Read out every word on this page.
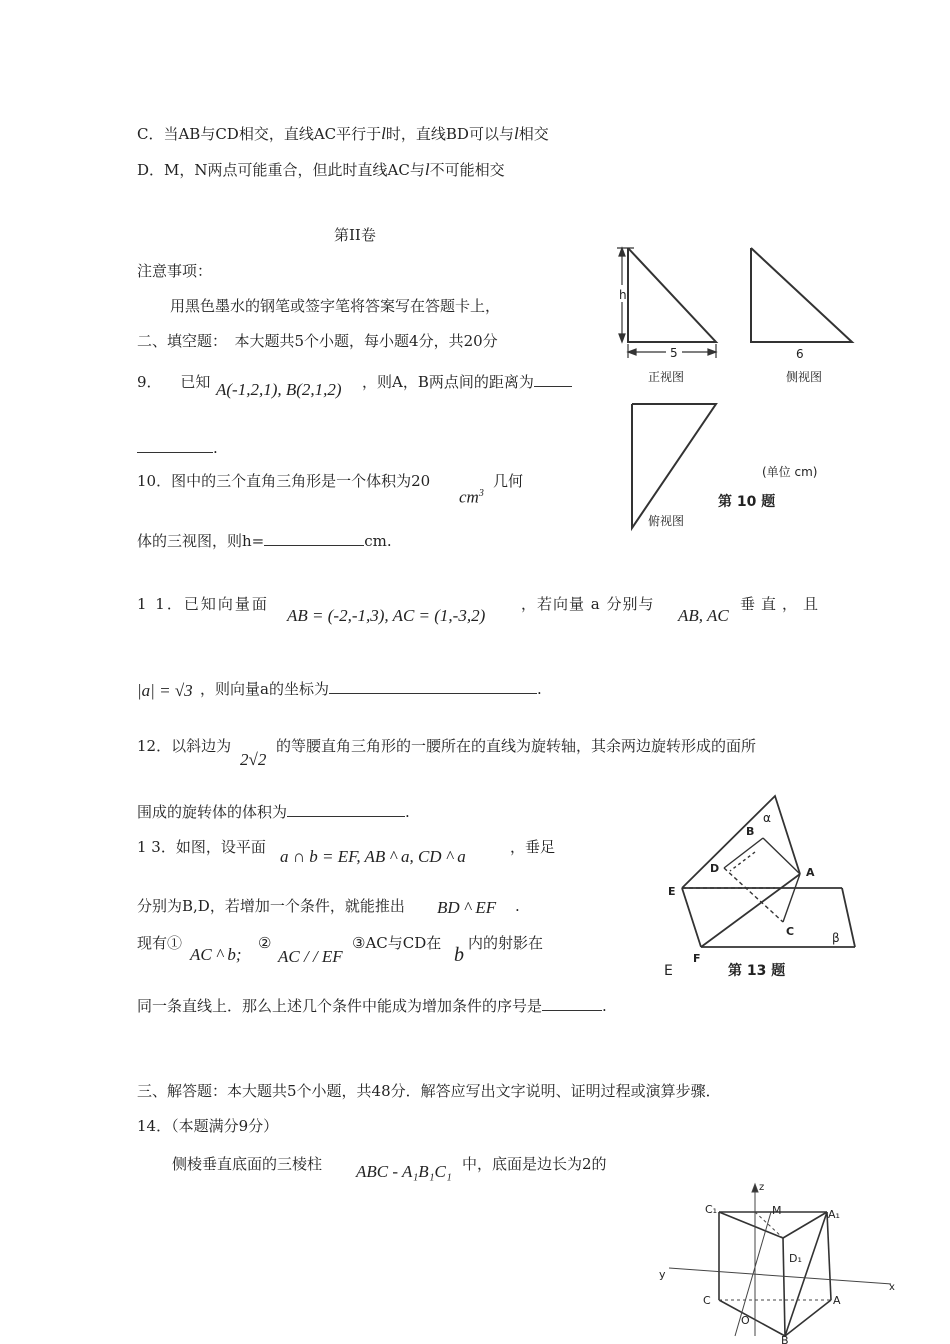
C．当AB与CD相交，直线AC平行于l时，直线BD可以与l相交
D．M，N两点可能重合，但此时直线AC与l不可能相交
第II卷
注意事项：
用黑色墨水的钢笔或签字笔将答案写在答题卡上，
二、填空题：　本大题共5个小题，每小题4分，共20分
9． 已知 A(-1,2,1), B(2,1,2) ，则A，B两点间的距离为
.
10．图中的三个直角三角形是一个体积为20
$cm^3$
几何
体的三视图，则h=	cm.
h
5
正视图
6
侧视图
俯视图
(单位 cm)
第 10 题
1 1．已知向量面
AB = (-2,-1,3), AC = (1,-3,2)
，若向量 a 分别与
AB, AC
垂直，且
|a| = √3 ，则向量a的坐标为	.
12．以斜边为
2√2
的等腰直角三角形的一腰所在的直线为旋转轴，其余两边旋转形成的面所
围成的旋转体的体积为	.
1 3．如图，设平面 a ∩ b = EF, AB ^ a, CD ^ a	，垂足
分别为B,D，若增加一个条件，就能推出 BD ^ EF .
现有①
AC ^ b;
②
AC / / EF
③AC与CD在
b
内的射影在
同一条直线上．那么上述几个条件中能成为增加条件的序号是	.
α
B
D	A
C
E
F
β
E	第 13 题
三、解答题：本大题共5个小题，共48分．解答应写出文字说明、证明过程或演算步骤．
14．（本题满分9分）
侧棱垂直底面的三棱柱 ABC - A₁B₁C₁ 中，底面是边长为2的
z
C₁	M	A₁
D₁
y
C
O
A
x
B
